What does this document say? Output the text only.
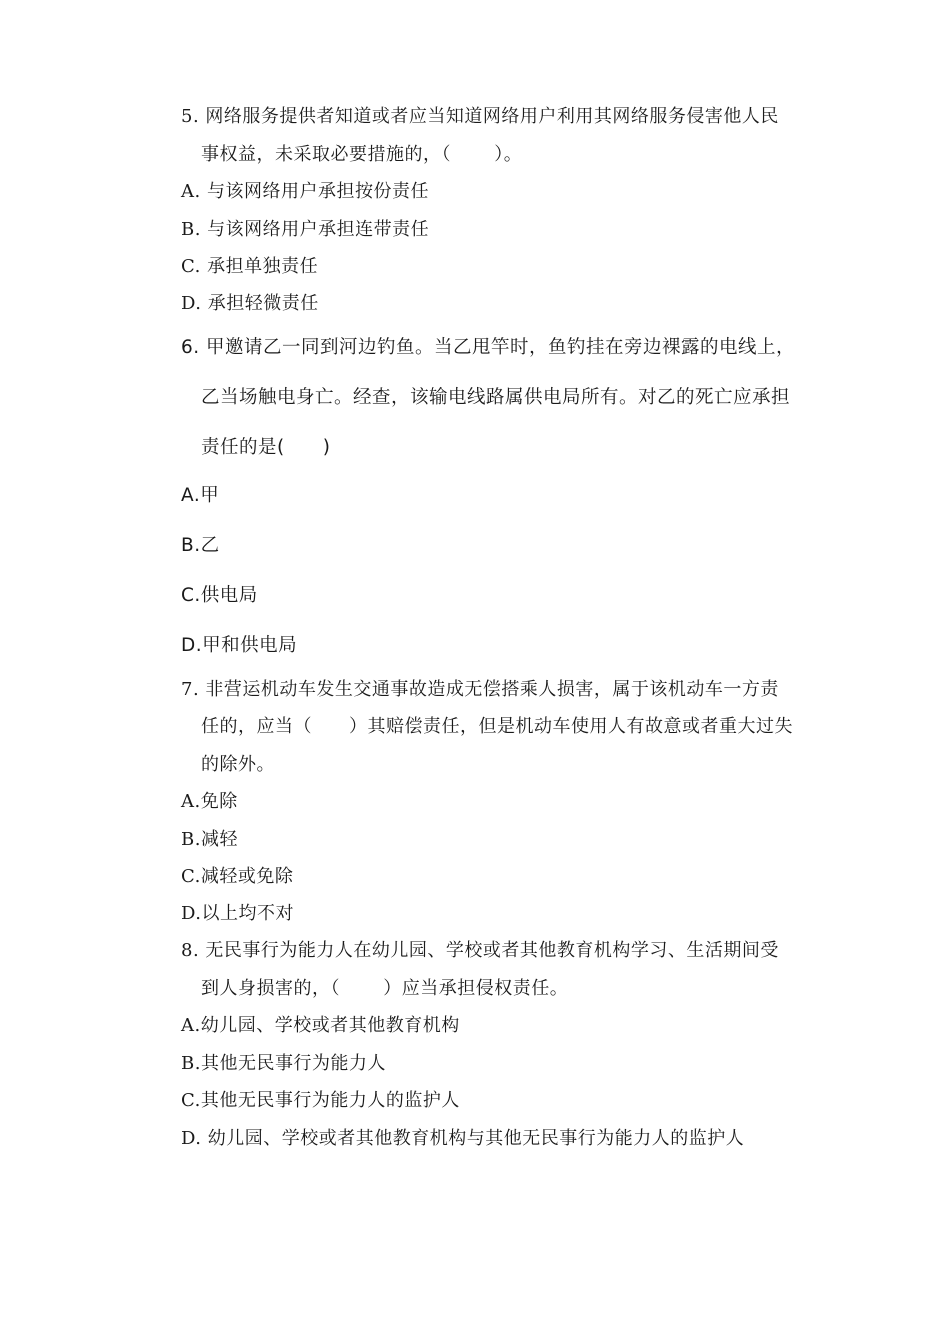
5. 网络服务提供者知道或者应当知道网络用户利用其网络服务侵害他人民
事权益，未采取必要措施的，（　　 ）。
A. 与该网络用户承担按份责任
B. 与该网络用户承担连带责任
C. 承担单独责任
D. 承担轻微责任
6. 甲邀请乙一同到河边钓鱼。当乙甩竿时，鱼钓挂在旁边裸露的电线上，
乙当场触电身亡。经查，该输电线路属供电局所有。对乙的死亡应承担
责任的是(　　)
A.甲
B.乙
C.供电局
D.甲和供电局
7. 非营运机动车发生交通事故造成无偿搭乘人损害，属于该机动车一方责
任的，应当（　　）其赔偿责任，但是机动车使用人有故意或者重大过失
的除外。
A.免除
B.减轻
C.减轻或免除
D.以上均不对
8. 无民事行为能力人在幼儿园、学校或者其他教育机构学习、生活期间受
到人身损害的，（　　 ）应当承担侵权责任。
A.幼儿园、学校或者其他教育机构
B.其他无民事行为能力人
C.其他无民事行为能力人的监护人
D. 幼儿园、学校或者其他教育机构与其他无民事行为能力人的监护人
